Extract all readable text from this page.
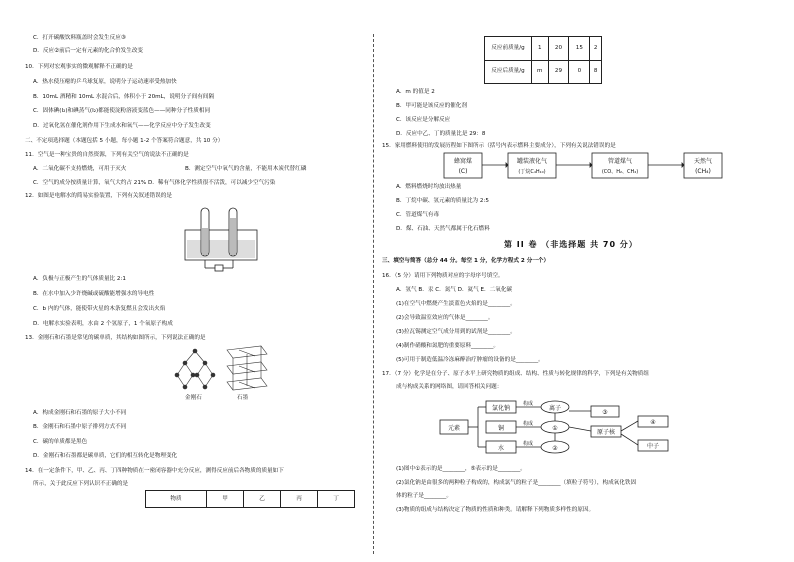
C．打开碳酸饮料瓶盖时会发生反应③
D．反应②前后一定有元素的化合价发生改变
10．下列对宏观事实的微观解释不正确的是
A．热水使压瘪的乒乓球复原，说明分子运动速率受热加快
B．10mL 酒精和 10mL 水混合后，体积小于 20mL，说明分子间有间隔
C．固体碘(I₂)和碘蒸气(I₂)都能使淀粉溶液变蓝色——同种分子性质相同
D．过氧化氢在催化剂作用下生成水和氧气——化学反应中分子发生改变
二、不定项选择题（本题包括 5 小题，每小题 1-2 个答案符合题意，共 10 分）
11．空气是一种宝贵的自然资源，下列有关空气的说法不正确的是
A．二氧化碳不支持燃烧，可用于灭火	B．测定空气中氧气的含量，不能用木炭代替红磷
C．空气的成分按质量计算，氧气大约占 21% D．稀有气体化学性质很不活泼，可以减少空气污染
12．如图是电解水的简易实验装置，下列有关叙述错误的是
A．负极与正极产生的气体质量比 2:1
B．在水中加入少许烧碱或硫酸能增强水的导电性
C．b 内的气体，能使带火星的木条复燃且会发出火焰
D．电解水实验表明，水由 2 个氢原子，1 个氧原子构成
13．金刚石和石墨是常见的碳单质，其结构如图所示，下列说法正确的是
金刚石	石墨
A．构成金刚石和石墨的原子大小不同
B．金刚石和石墨中原子排列方式不同
C．碳的单质都是黑色
D．金刚石和石墨都是碳单质，它们的相互转化是物理变化
14．在一定条件下，甲、乙、丙、丁四种物质在一密闭容器中充分反应，测得反应前后各物质的质量如下
所示，关于此反应下列认识不正确的是
物质	甲	乙	丙	丁
反应前质量/g	1	20	15	2
反应后质量/g	m	29	0	8
A．m 的值是 2
B．甲可能是该反应的催化剂
C．该反应是分解反应
D．反应中乙、丁的质量比是 29：8
15．家用燃料使用的发展历程如下图所示（括号内表示燃料主要成分），下列有关说法错误的是
蜂窝煤
(C)
罐装液化气
(丁烷C₄H₁₀)
管道煤气
(CO、H₂、CH₄)
天然气
(CH₄)
A．燃料燃烧时均放出热量
B．丁烷中碳、氢元素的质量比为 2:5
C．管道煤气有毒
D．煤、石油、天然气都属于化石燃料
第 II 卷 （非选择题 共 70 分）
三、填空与简答（总分 44 分。每空 1 分，化学方程式 2 分一个）
16．（5 分）请用下列物质对应的字母序号填空。
A．氢气 B．汞 C．氮气 D．氦气 E．二氧化碳
(1)在空气中燃烧产生淡蓝色火焰的是________。
(2)会导致温室效应的气体是________。
(3)拉瓦锡测定空气成分用到的试剂是________。
(4)制作硝酸和氮肥的重要原料________。
(5)可用于制造低温冷冻麻醉治疗肿瘤的设备的是________。
17．（7 分）化学是在分子、原子水平上研究物质的组成、结构、性质与转化规律的科学，下列是有关物质组
成与构成关系的网络图，请回答相关问题：
元素
氯化钠
铜
水
离子
①
②
③
④
原子核
中子
构成
构成
构成
(1)图中①表示的是________，⑤表示的是________。
(2)氯化钠是由很多的两种粒子构成的，构成氯气的粒子是________（填粒子符号），构成氧化铁固
体的粒子是________。
(3)物质的组成与结构决定了物质的性质和种类。请解释下列物质多样性的原因。
